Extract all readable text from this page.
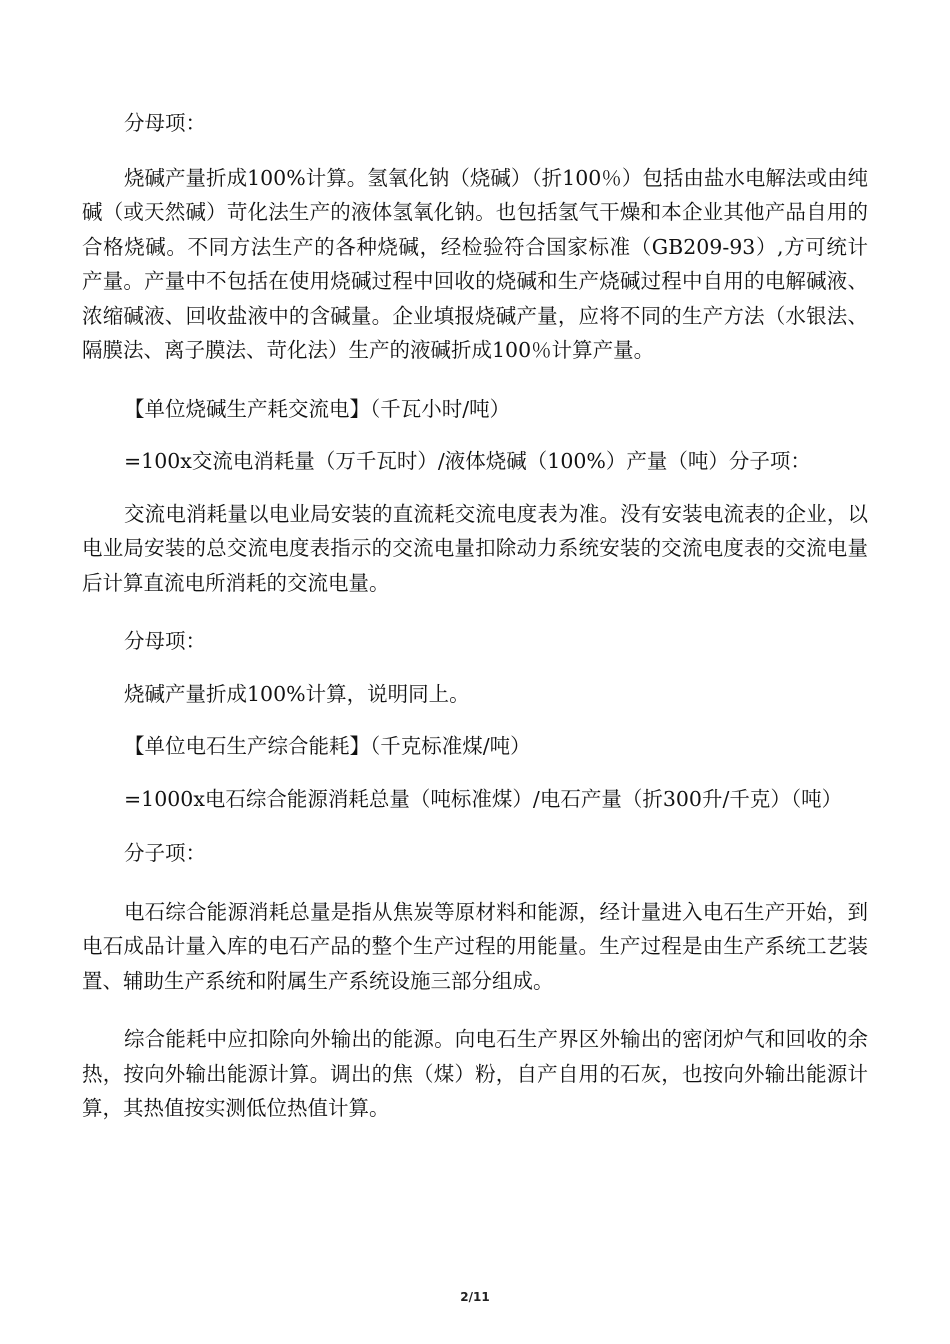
分母项：

烧碱产量折成100%计算。氢氧化钠（烧碱）（折100％）包括由盐水电解法或由纯碱（或天然碱）苛化法生产的液体氢氧化钠。也包括氢气干燥和本企业其他产品自用的合格烧碱。不同方法生产的各种烧碱，经检验符合国家标准（GB209-93）,方可统计产量。产量中不包括在使用烧碱过程中回收的烧碱和生产烧碱过程中自用的电解碱液、浓缩碱液、回收盐液中的含碱量。企业填报烧碱产量，应将不同的生产方法（水银法、隔膜法、离子膜法、苛化法）生产的液碱折成100％计算产量。

【单位烧碱生产耗交流电】（千瓦小时/吨）

=100x交流电消耗量（万千瓦时）/液体烧碱（100%）产量（吨）分子项：

交流电消耗量以电业局安装的直流耗交流电度表为准。没有安装电流表的企业，以电业局安装的总交流电度表指示的交流电量扣除动力系统安装的交流电度表的交流电量后计算直流电所消耗的交流电量。

分母项：

烧碱产量折成100%计算，说明同上。

【单位电石生产综合能耗】（千克标准煤/吨）

=1000x电石综合能源消耗总量（吨标准煤）/电石产量（折300升/千克）（吨）

分子项：

电石综合能源消耗总量是指从焦炭等原材料和能源，经计量进入电石生产开始，到电石成品计量入库的电石产品的整个生产过程的用能量。生产过程是由生产系统工艺装置、辅助生产系统和附属生产系统设施三部分组成。

综合能耗中应扣除向外输出的能源。向电石生产界区外输出的密闭炉气和回收的余热，按向外输出能源计算。调出的焦（煤）粉，自产自用的石灰，也按向外输出能源计算，其热值按实测低位热值计算。

2/11
